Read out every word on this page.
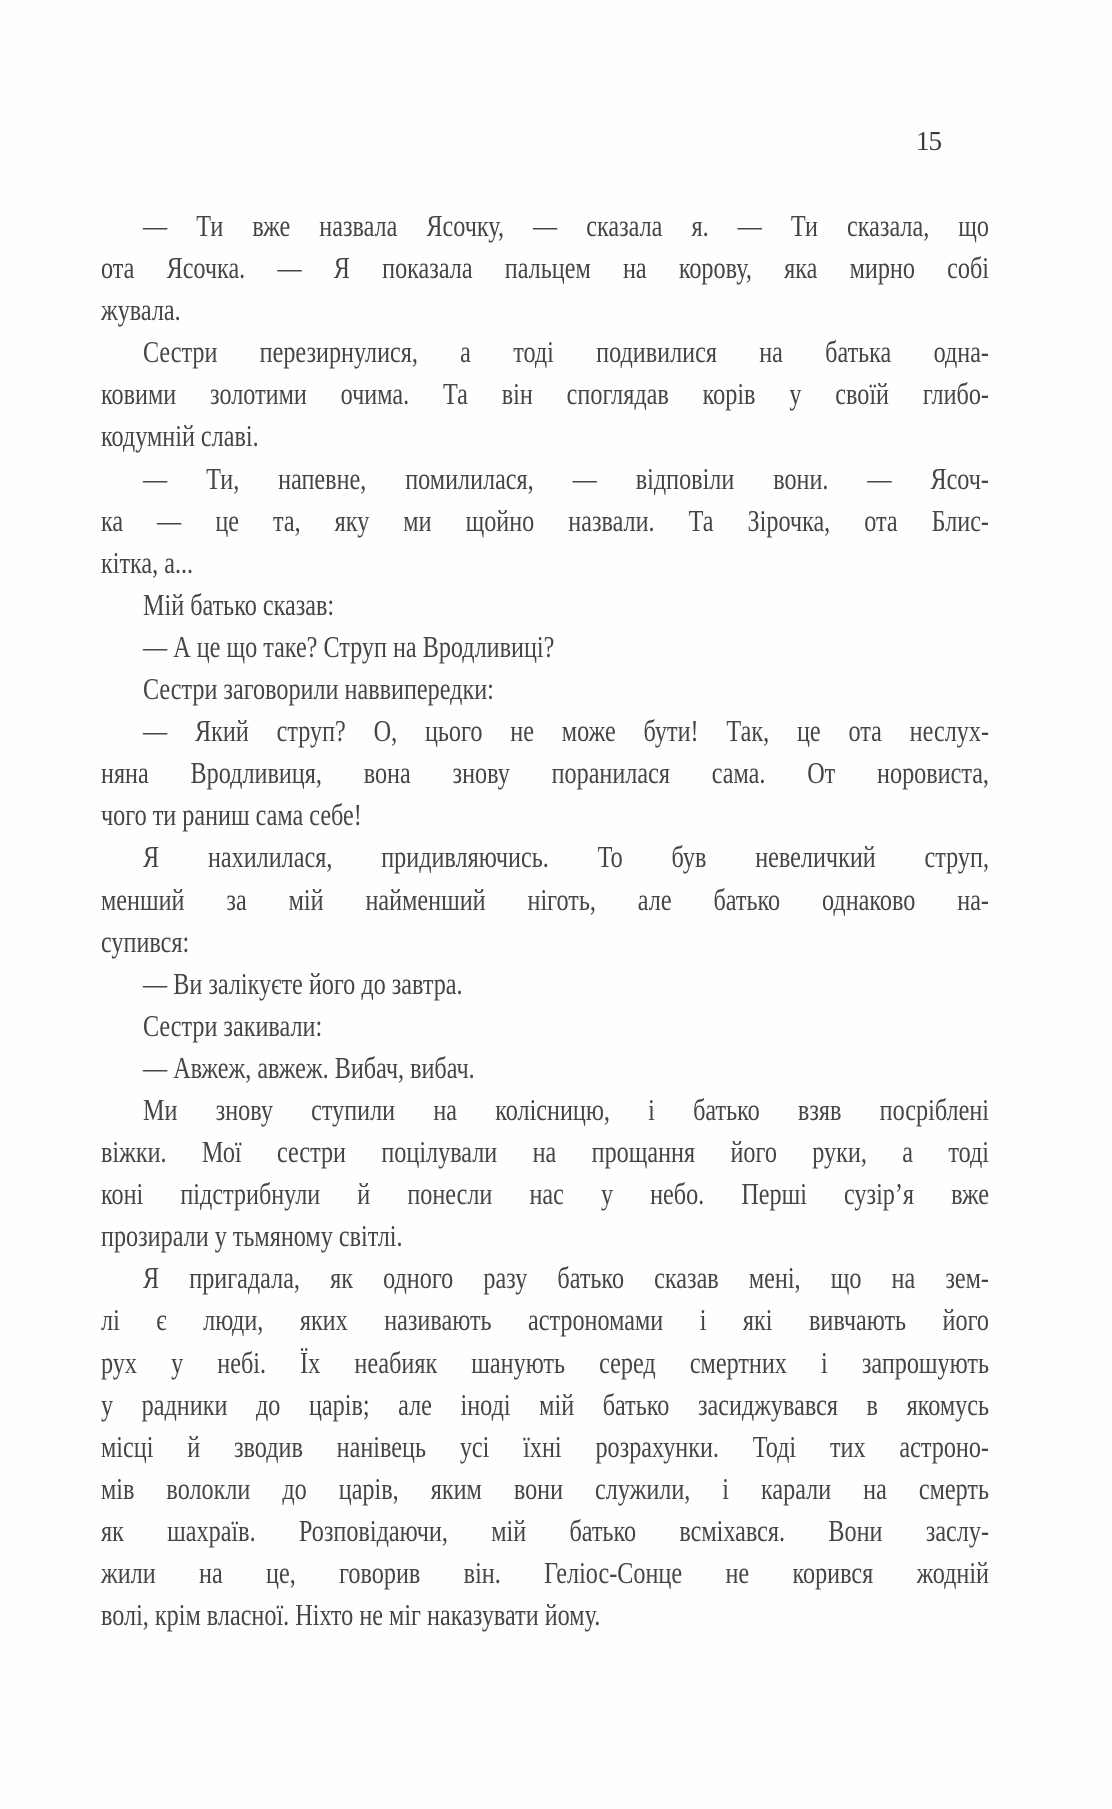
15
— Ти вже назвала Ясочку, — сказала я. — Ти сказала, що
ота Ясочка. — Я показала пальцем на корову, яка мирно собі
жувала.
Сестри перезирнулися, а тоді подивилися на батька одна-
ковими золотими очима. Та він споглядав корів у своїй глибо-
кодумній славі.
— Ти, напевне, помилилася, — відповіли вони. — Ясоч-
ка — це та, яку ми щойно назвали. Та Зірочка, ота Блис-
кітка, а...
Мій батько сказав:
— А це що таке? Струп на Вродливиці?
Сестри заговорили наввипередки:
— Який струп? О, цього не може бути! Так, це ота неслух-
няна Вродливиця, вона знову поранилася сама. От норовиста,
чого ти раниш сама себе!
Я нахилилася, придивляючись. То був невеличкий струп,
менший за мій найменший ніготь, але батько однаково на-
супився:
— Ви залікуєте його до завтра.
Сестри закивали:
— Авжеж, авжеж. Вибач, вибач.
Ми знову ступили на колісницю, і батько взяв посріблені
віжки. Мої сестри поцілували на прощання його руки, а тоді
коні підстрибнули й понесли нас у небо. Перші сузір’я вже
прозирали у тьмяному світлі.
Я пригадала, як одного разу батько сказав мені, що на зем-
лі є люди, яких називають астрономами і які вивчають його
рух у небі. Їх неабияк шанують серед смертних і запрошують
у радники до царів; але іноді мій батько засиджувався в якомусь
місці й зводив нанівець усі їхні розрахунки. Тоді тих астроно-
мів волокли до царів, яким вони служили, і карали на смерть
як шахраїв. Розповідаючи, мій батько всміхався. Вони заслу-
жили на це, говорив він. Геліос-Сонце не корився жодній
волі, крім власної. Ніхто не міг наказувати йому.
